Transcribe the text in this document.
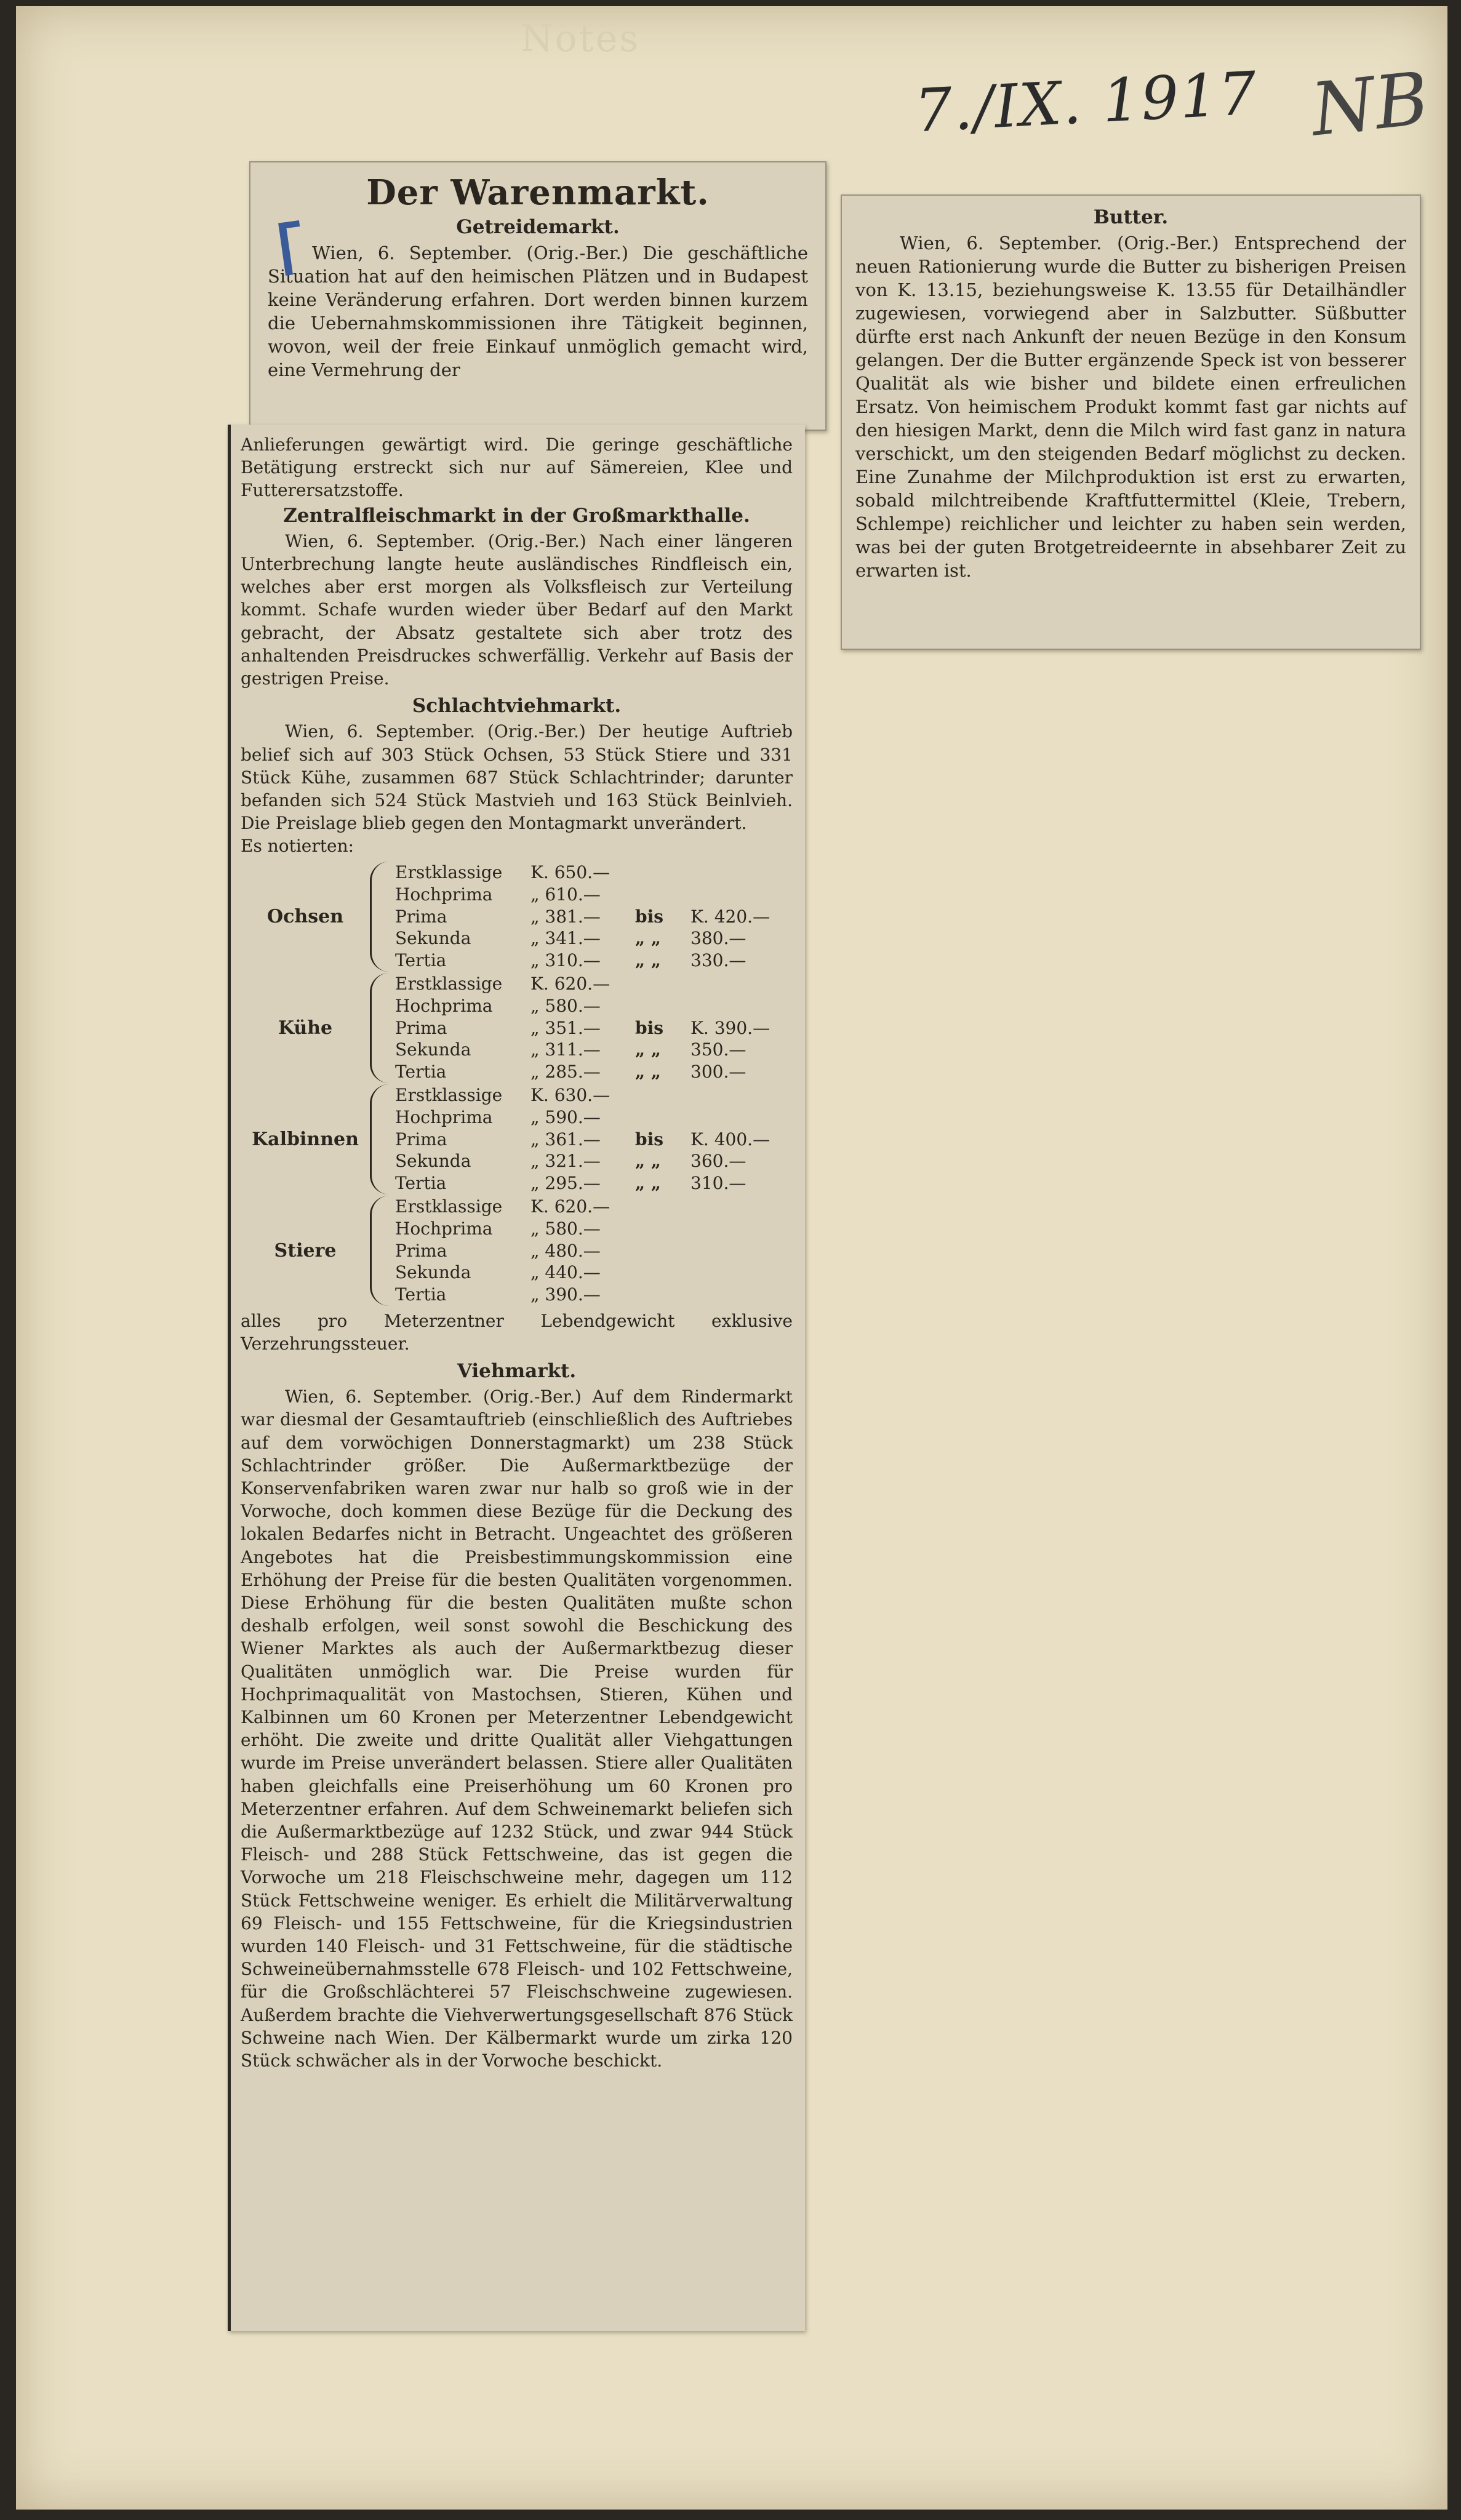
Notes
7./IX. 1917 NB
Der Warenmarkt.
Getreidemarkt.

Wien, 6. September. (Orig.-Ber.) Die geschäftliche Situation hat auf den heimischen Plätzen und in Budapest keine Veränderung erfahren. Dort werden binnen kurzem die Uebernahmskommissionen ihre Tätigkeit beginnen, wovon, weil der freie Einkauf unmöglich gemacht wird, eine Vermehrung der

Anlieferungen gewärtigt wird. Die geringe geschäftliche Betätigung erstreckt sich nur auf Sämereien, Klee und Futterersatzstoffe.

Zentralfleischmarkt in der Großmarkthalle.

Wien, 6. September. (Orig.-Ber.) Nach einer längeren Unterbrechung langte heute ausländisches Rindfleisch ein, welches aber erst morgen als Volksfleisch zur Verteilung kommt. Schafe wurden wieder über Bedarf auf den Markt gebracht, der Absatz gestaltete sich aber trotz des anhaltenden Preisdruckes schwerfällig. Verkehr auf Basis der gestrigen Preise.

Schlachtviehmarkt.

Wien, 6. September. (Orig.-Ber.) Der heutige Auftrieb belief sich auf 303 Stück Ochsen, 53 Stück Stiere und 331 Stück Kühe, zusammen 687 Stück Schlachtrinder; darunter befanden sich 524 Stück Mastvieh und 163 Stück Beinlvieh. Die Preislage blieb gegen den Montagmarkt unverändert.

Es notierten:

Ochsen
Erstklassige	K. 650.—
Hochprima	„ 610.—
Prima	„ 381.—	bis	K. 420.—
Sekunda	„ 341.—	„ „	380.—
Tertia	„ 310.—	„ „	330.—
Kühe
Erstklassige	K. 620.—
Hochprima	„ 580.—
Prima	„ 351.—	bis	K. 390.—
Sekunda	„ 311.—	„ „	350.—
Tertia	„ 285.—	„ „	300.—
Kalbinnen
Erstklassige	K. 630.—
Hochprima	„ 590.—
Prima	„ 361.—	bis	K. 400.—
Sekunda	„ 321.—	„ „	360.—
Tertia	„ 295.—	„ „	310.—
Stiere
Erstklassige	K. 620.—
Hochprima	„ 580.—
Prima	„ 480.—
Sekunda	„ 440.—
Tertia	„ 390.—

alles pro Meterzentner Lebendgewicht exklusive Verzehrungssteuer.

Viehmarkt.

Wien, 6. September. (Orig.-Ber.) Auf dem Rindermarkt war diesmal der Gesamtauftrieb (einschließlich des Auftriebes auf dem vorwöchigen Donnerstagmarkt) um 238 Stück Schlachtrinder größer. Die Außermarktbezüge der Konservenfabriken waren zwar nur halb so groß wie in der Vorwoche, doch kommen diese Bezüge für die Deckung des lokalen Bedarfes nicht in Betracht. Ungeachtet des größeren Angebotes hat die Preisbestimmungskommission eine Erhöhung der Preise für die besten Qualitäten vorgenommen. Diese Erhöhung für die besten Qualitäten mußte schon deshalb erfolgen, weil sonst sowohl die Beschickung des Wiener Marktes als auch der Außermarktbezug dieser Qualitäten unmöglich war. Die Preise wurden für Hochprimaqualität von Mastochsen, Stieren, Kühen und Kalbinnen um 60 Kronen per Meterzentner Lebendgewicht erhöht. Die zweite und dritte Qualität aller Viehgattungen wurde im Preise unverändert belassen. Stiere aller Qualitäten haben gleichfalls eine Preiserhöhung um 60 Kronen pro Meterzentner erfahren. Auf dem Schweinemarkt beliefen sich die Außermarktbezüge auf 1232 Stück, und zwar 944 Stück Fleisch- und 288 Stück Fettschweine, das ist gegen die Vorwoche um 218 Fleischschweine mehr, dagegen um 112 Stück Fettschweine weniger. Es erhielt die Militärverwaltung 69 Fleisch- und 155 Fettschweine, für die Kriegsindustrien wurden 140 Fleisch- und 31 Fettschweine, für die städtische Schweineübernahmsstelle 678 Fleisch- und 102 Fettschweine, für die Großschlächterei 57 Fleischschweine zugewiesen. Außerdem brachte die Viehverwertungsgesellschaft 876 Stück Schweine nach Wien. Der Kälbermarkt wurde um zirka 120 Stück schwächer als in der Vorwoche beschickt.

Butter.

Wien, 6. September. (Orig.-Ber.) Entsprechend der neuen Rationierung wurde die Butter zu bisherigen Preisen von K. 13.15, beziehungsweise K. 13.55 für Detailhändler zugewiesen, vorwiegend aber in Salzbutter. Süßbutter dürfte erst nach Ankunft der neuen Bezüge in den Konsum gelangen. Der die Butter ergänzende Speck ist von besserer Qualität als wie bisher und bildete einen erfreulichen Ersatz. Von heimischem Produkt kommt fast gar nichts auf den hiesigen Markt, denn die Milch wird fast ganz in natura verschickt, um den steigenden Bedarf möglichst zu decken. Eine Zunahme der Milchproduktion ist erst zu erwarten, sobald milchtreibende Kraftfuttermittel (Kleie, Trebern, Schlempe) reichlicher und leichter zu haben sein werden, was bei der guten Brotgetreideernte in absehbarer Zeit zu erwarten ist.
